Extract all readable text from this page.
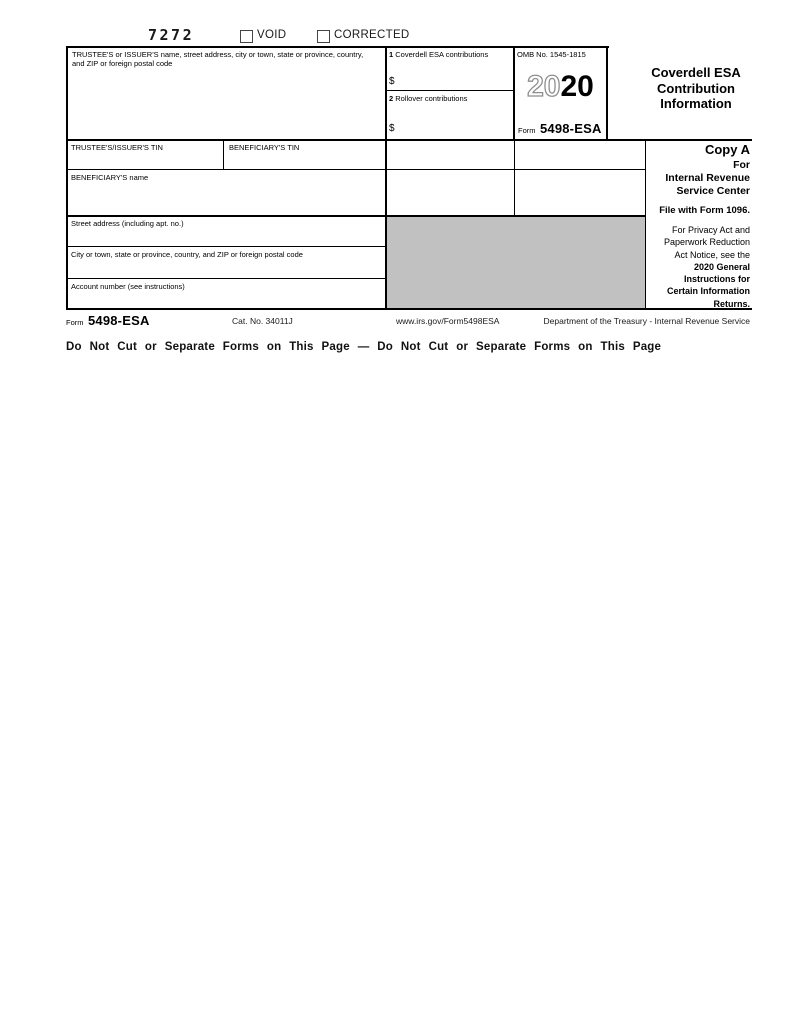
7272	VOID	CORRECTED
TRUSTEE'S or ISSUER'S name, street address, city or town, state or province, country, and ZIP or foreign postal code
1 Coverdell ESA contributions
$
2 Rollover contributions
$
OMB No. 1545-1815
2020
Form 5498-ESA
Coverdell ESA
Contribution
Information
TRUSTEE'S/ISSUER'S TIN	BENEFICIARY'S TIN
BENEFICIARY'S name
Street address (including apt. no.)
City or town, state or province, country, and ZIP or foreign postal code
Account number (see instructions)
Copy A
For
Internal Revenue
Service Center
File with Form 1096.
For Privacy Act and
Paperwork Reduction
Act Notice, see the
2020 General
Instructions for
Certain Information
Returns.
Form 5498-ESA	Cat. No. 34011J	www.irs.gov/Form5498ESA	Department of the Treasury - Internal Revenue Service
Do Not Cut or Separate Forms on This Page — Do Not Cut or Separate Forms on This Page
